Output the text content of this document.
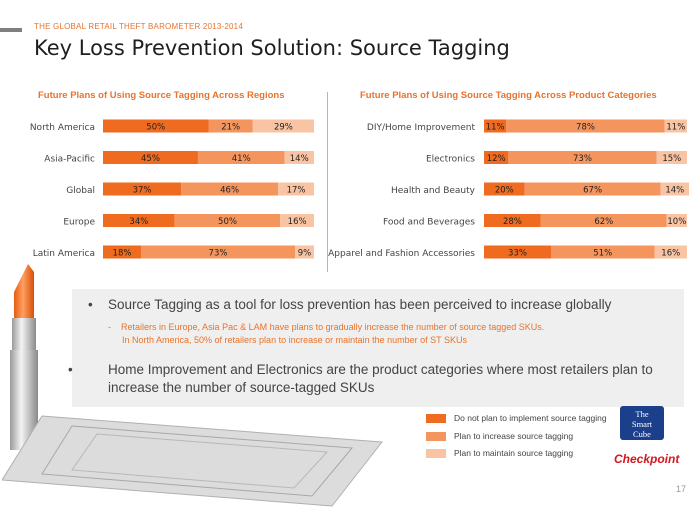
THE GLOBAL RETAIL THEFT BAROMETER 2013-2014
Key Loss Prevention Solution: Source Tagging
Future Plans of Using Source Tagging Across Regions	Future Plans of Using Source Tagging Across Product Categories
North America	50%	21%	29%
Asia-Pacific	45%	41%	14%
Global	37%	46%	17%
Europe	34%	50%	16%
Latin America 18%	73%	9%
DIY/Home Improvement 11%	78%	11%
Electronics 12%	73%	15%
Health and Beauty 20%	67%	14%
Food and Beverages	28%	62%	10%
Apparel and Fashion Accessories	33%	51%	16%
• Source Tagging as a tool for loss prevention has been perceived to increase globally
- Retailers in Europe, Asia Pac & LAM have plans to gradually increase the number of source tagged SKUs.
In North America, 50% of retailers plan to increase or maintain the number of ST SKUs
•	Home Improvement and Electronics are the product categories where most retailers plan to increase the number of source-tagged SKUs
Do not plan to implement source tagging
Plan to increase source tagging
Plan to maintain source tagging
The
Smart
Cube
Checkpoint
17
